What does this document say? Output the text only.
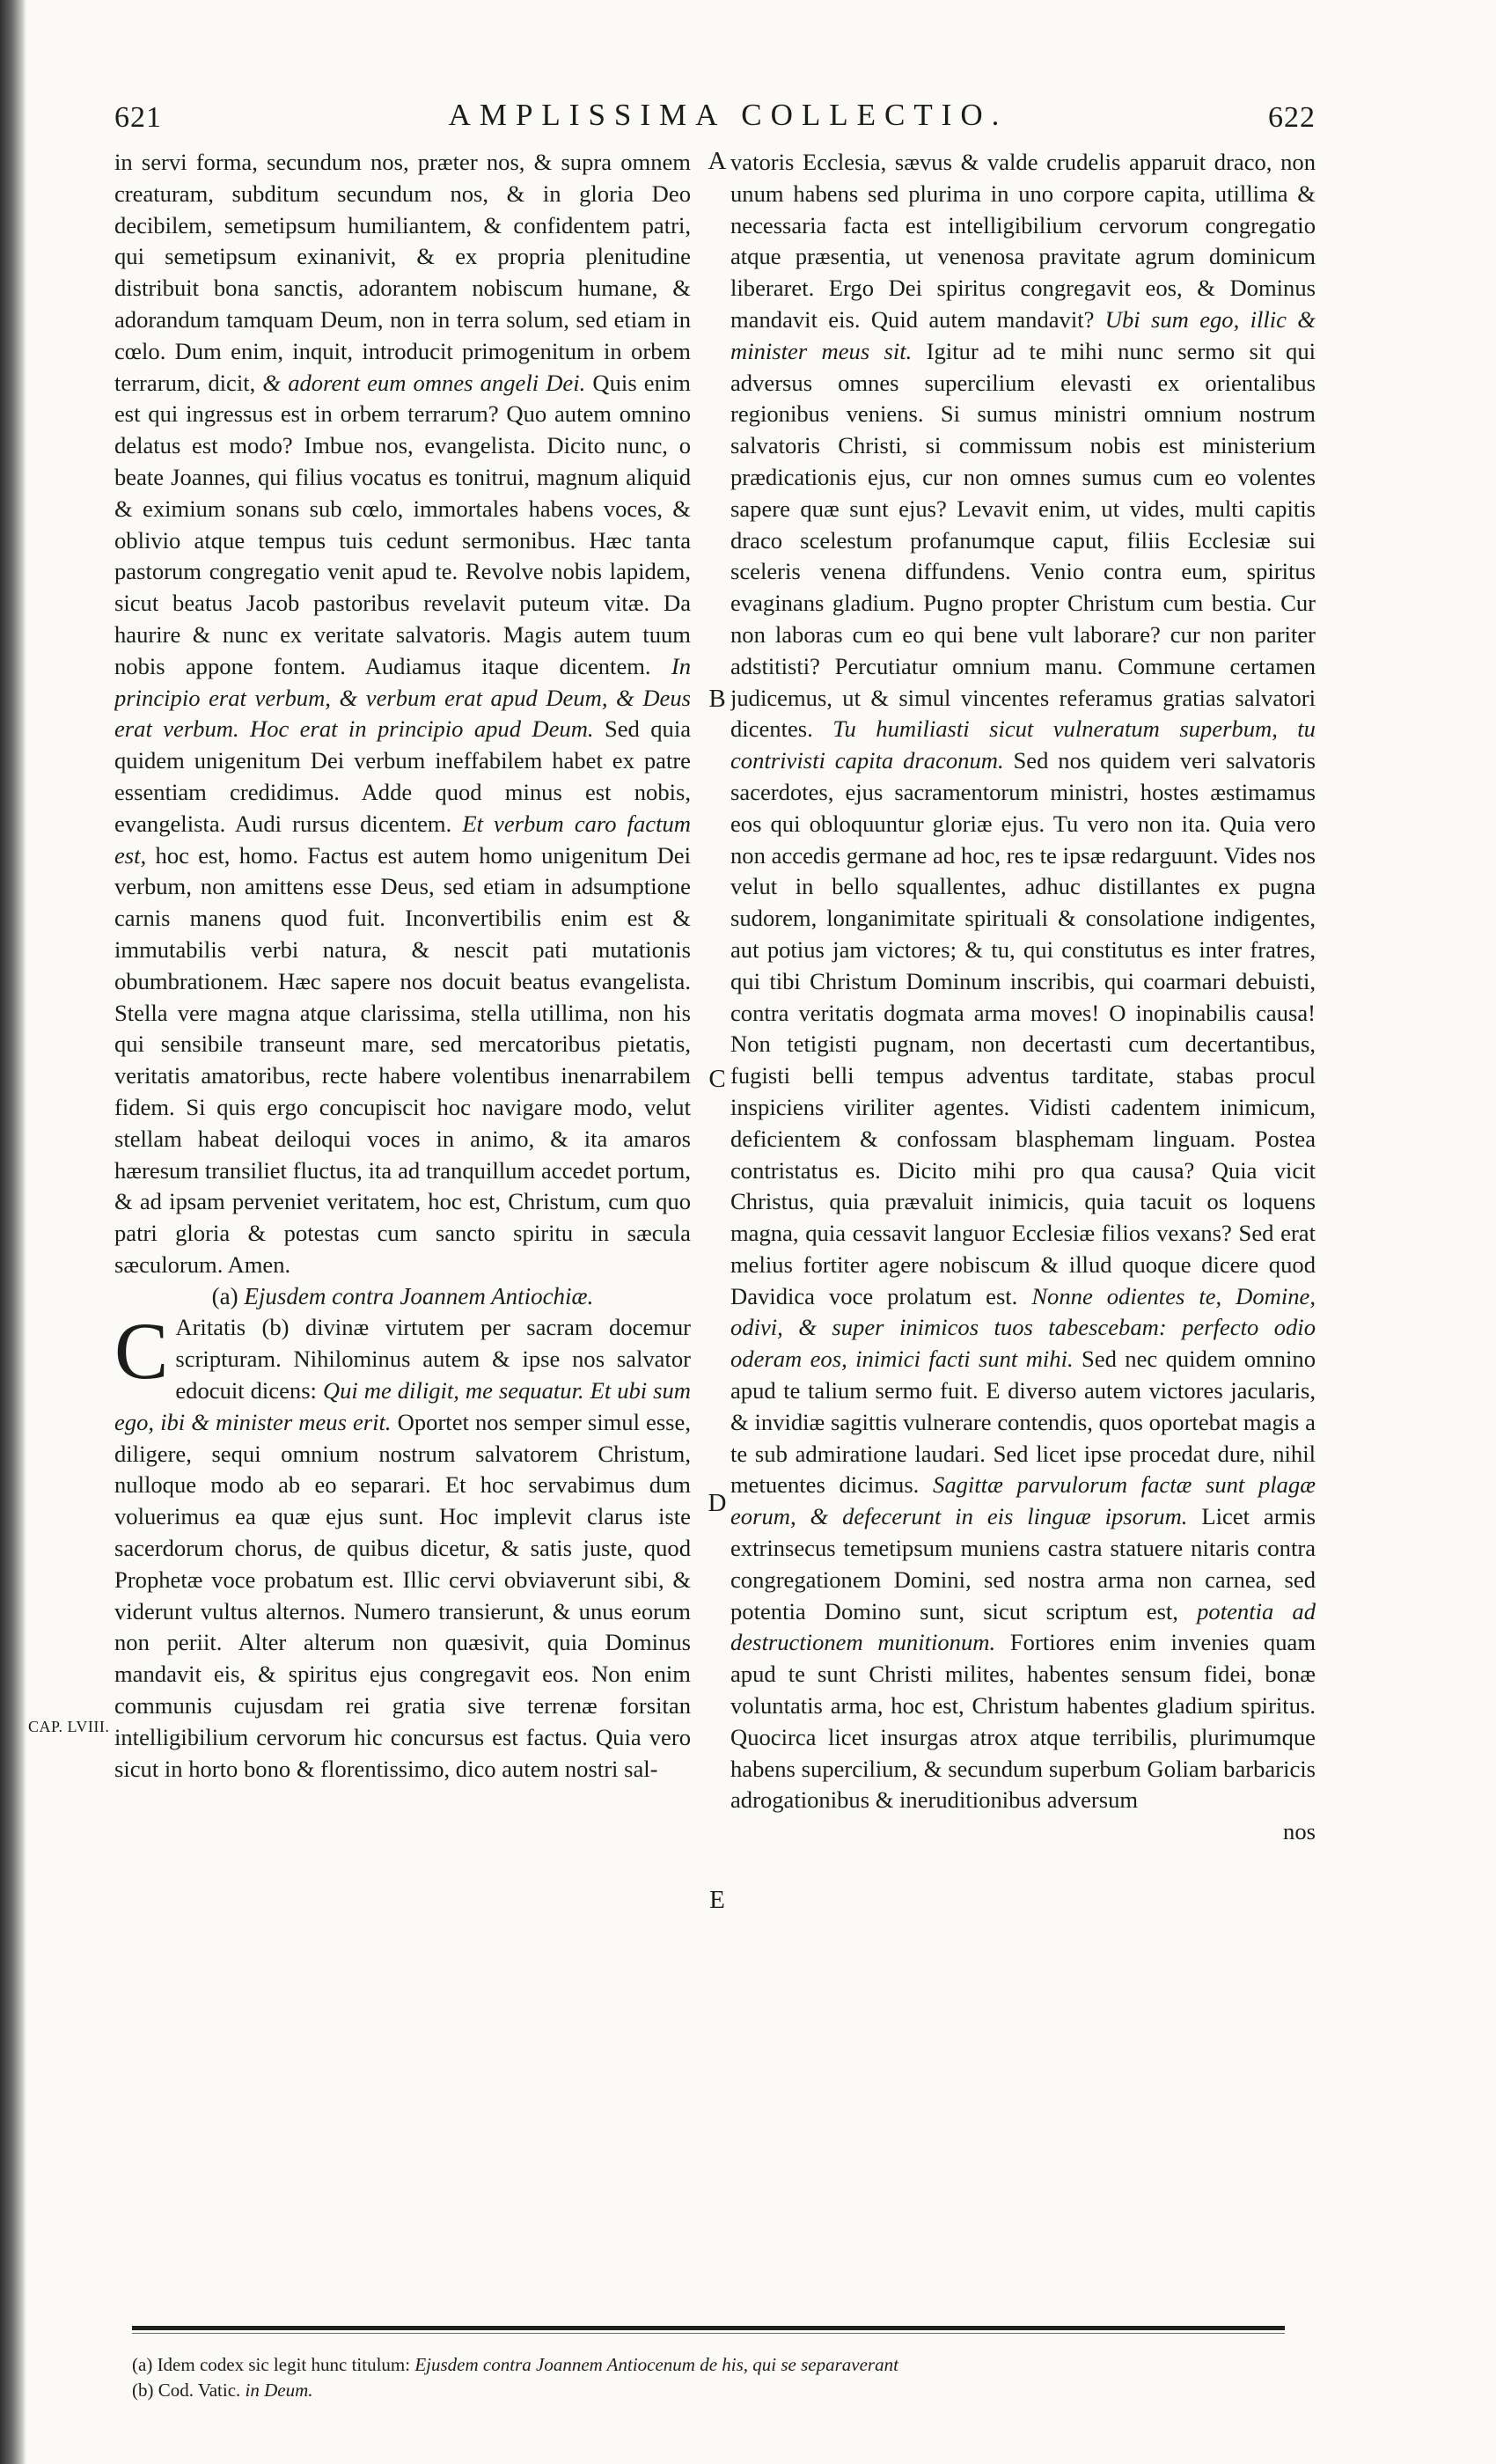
621	AMPLISSIMA COLLECTIO.	622

in servi forma, secundum nos, præter nos, & supra omnem creaturam, subditum secundum nos, & in gloria Deo decibilem, semetipsum humiliantem, & confidentem patri, qui semetipsum exinanivit, & ex propria plenitudine distribuit bona sanctis, adorantem nobiscum humane, & adorandum tamquam Deum, non in terra solum, sed etiam in cœlo. Dum enim, inquit, introducit primogenitum in orbem terrarum, dicit, & adorent eum omnes angeli Dei. Quis enim est qui ingressus est in orbem terrarum? Quo autem omnino delatus est modo? Imbue nos, evangelista. Dicito nunc, o beate Joannes, qui filius vocatus es tonitrui, magnum aliquid & eximium sonans sub cœlo, immortales habens voces, & oblivio atque tempus tuis cedunt sermonibus. Hæc tanta pastorum congregatio venit apud te. Revolve nobis lapidem, sicut beatus Jacob pastoribus revelavit puteum vitæ. Da haurire & nunc ex veritate salvatoris. Magis autem tuum nobis appone fontem. Audiamus itaque dicentem. In principio erat verbum, & verbum erat apud Deum, & Deus erat verbum. Hoc erat in principio apud Deum. Sed quia quidem unigenitum Dei verbum ineffabilem habet ex patre essentiam credidimus. Adde quod minus est nobis, evangelista. Audi rursus dicentem. Et verbum caro factum est, hoc est, homo. Factus est autem homo unigenitum Dei verbum, non amittens esse Deus, sed etiam in adsumptione carnis manens quod fuit. Inconvertibilis enim est & immutabilis verbi natura, & nescit pati mutationis obumbrationem. Hæc sapere nos docuit beatus evangelista. Stella vere magna atque clarissima, stella utillima, non his qui sensibile transeunt mare, sed mercatoribus pietatis, veritatis amatoribus, recte habere volentibus inenarrabilem fidem. Si quis ergo concupiscit hoc navigare modo, velut stellam habeat deiloqui voces in animo, & ita amaros hæresum transiliet fluctus, ita ad tranquillum accedet portum, & ad ipsam perveniet veritatem, hoc est, Christum, cum quo patri gloria & potestas cum sancto spiritu in sæcula sæculorum. Amen.

(a) Ejusdem contra Joannem Antiochiæ.

C Aritatis (b) divinæ virtutem per sacram docemur scripturam. Nihilominus autem & ipse nos salvator edocuit dicens: Qui me diligit, me sequatur. Et ubi sum ego, ibi & minister meus erit. Oportet nos semper simul esse, diligere, sequi omnium nostrum salvatorem Christum, nulloque modo ab eo separari. Et hoc servabimus dum voluerimus ea quæ ejus sunt. Hoc implevit clarus iste sacerdorum chorus, de quibus dicetur, & satis juste, quod Prophetæ voce probatum est. Illic cervi obviaverunt sibi, & viderunt vultus alternos. Numero transierunt, & unus eorum non periit. Alter alterum non quæsivit, quia Dominus mandavit eis, & spiritus ejus congregavit eos. Non enim communis cujusdam rei gratia sive terrenæ forsitan intelligibilium cervorum hic concursus est factus. Quia vero sicut in horto bono & florentissimo, dico autem nostri sal-

CAP. LVIII.
A
B
C
D
E

vatoris Ecclesia, sævus & valde crudelis apparuit draco, non unum habens sed plurima in uno corpore capita, utillima & necessaria facta est intelligibilium cervorum congregatio atque præsentia, ut venenosa pravitate agrum dominicum liberaret. Ergo Dei spiritus congregavit eos, & Dominus mandavit eis. Quid autem mandavit? Ubi sum ego, illic & minister meus sit. Igitur ad te mihi nunc sermo sit qui adversus omnes supercilium elevasti ex orientalibus regionibus veniens. Si sumus ministri omnium nostrum salvatoris Christi, si commissum nobis est ministerium prædicationis ejus, cur non omnes sumus cum eo volentes sapere quæ sunt ejus? Levavit enim, ut vides, multi capitis draco scelestum profanumque caput, filiis Ecclesiæ sui sceleris venena diffundens. Venio contra eum, spiritus evaginans gladium. Pugno propter Christum cum bestia. Cur non laboras cum eo qui bene vult laborare? cur non pariter adstitisti? Percutiatur omnium manu. Commune certamen judicemus, ut & simul vincentes referamus gratias salvatori dicentes. Tu humiliasti sicut vulneratum superbum, tu contrivisti capita draconum. Sed nos quidem veri salvatoris sacerdotes, ejus sacramentorum ministri, hostes æstimamus eos qui obloquuntur gloriæ ejus. Tu vero non ita. Quia vero non accedis germane ad hoc, res te ipsæ redarguunt. Vides nos velut in bello squallentes, adhuc distillantes ex pugna sudorem, longanimitate spirituali & consolatione indigentes, aut potius jam victores; & tu, qui constitutus es inter fratres, qui tibi Christum Dominum inscribis, qui coarmari debuisti, contra veritatis dogmata arma moves! O inopinabilis causa! Non tetigisti pugnam, non decertasti cum decertantibus, fugisti belli tempus adventus tarditate, stabas procul inspiciens viriliter agentes. Vidisti cadentem inimicum, deficientem & confossam blasphemam linguam. Postea contristatus es. Dicito mihi pro qua causa? Quia vicit Christus, quia prævaluit inimicis, quia tacuit os loquens magna, quia cessavit languor Ecclesiæ filios vexans? Sed erat melius fortiter agere nobiscum & illud quoque dicere quod Davidica voce prolatum est. Nonne odientes te, Domine, odivi, & super inimicos tuos tabescebam: perfecto odio oderam eos, inimici facti sunt mihi. Sed nec quidem omnino apud te talium sermo fuit. E diverso autem victores jacularis, & invidiæ sagittis vulnerare contendis, quos oportebat magis a te sub admiratione laudari. Sed licet ipse procedat dure, nihil metuentes dicimus. Sagittæ parvulorum factæ sunt plagæ eorum, & defecerunt in eis linguæ ipsorum. Licet armis extrinsecus temetipsum muniens castra statuere nitaris contra congregationem Domini, sed nostra arma non carnea, sed potentia Domino sunt, sicut scriptum est, potentia ad destructionem munitionum. Fortiores enim invenies quam apud te sunt Christi milites, habentes sensum fidei, bonæ voluntatis arma, hoc est, Christum habentes gladium spiritus. Quocirca licet insurgas atrox atque terribilis, plurimumque habens supercilium, & secundum superbum Goliam barbaricis adrogationibus & ineruditionibus adversum

nos

(a) Idem codex sic legit hunc titulum: Ejusdem contra Joannem Antiocenum de his, qui se separaverant
(b) Cod. Vatic. in Deum.
